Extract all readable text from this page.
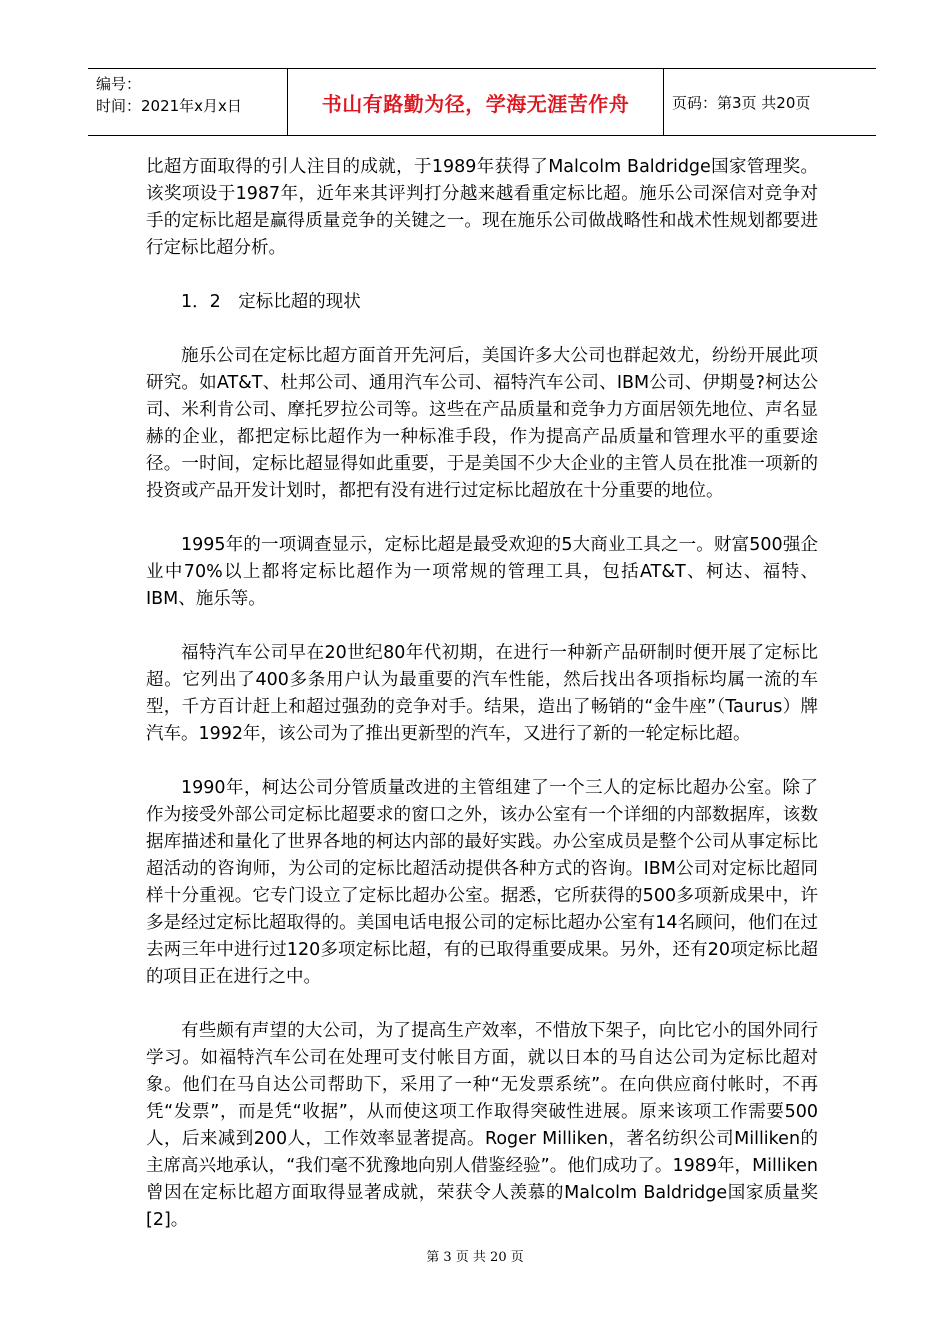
编号：
时间：2021年x月x日	书山有路勤为径，学海无涯苦作舟	页码：第3页 共20页

比超方面取得的引人注目的成就，于1989年获得了Malcolm Baldridge国家管理奖。该奖项设于1987年，近年来其评判打分越来越看重定标比超。施乐公司深信对竞争对手的定标比超是赢得质量竞争的关键之一。现在施乐公司做战略性和战术性规划都要进行定标比超分析。

1．2　定标比超的现状

施乐公司在定标比超方面首开先河后，美国许多大公司也群起效尤，纷纷开展此项研究。如AT&T、杜邦公司、通用汽车公司、福特汽车公司、IBM公司、伊期曼?柯达公司、米利肯公司、摩托罗拉公司等。这些在产品质量和竞争力方面居领先地位、声名显赫的企业，都把定标比超作为一种标准手段，作为提高产品质量和管理水平的重要途径。一时间，定标比超显得如此重要，于是美国不少大企业的主管人员在批准一项新的投资或产品开发计划时，都把有没有进行过定标比超放在十分重要的地位。

1995年的一项调查显示，定标比超是最受欢迎的5大商业工具之一。财富500强企业中70%以上都将定标比超作为一项常规的管理工具，包括AT&T、柯达、福特、IBM、施乐等。

福特汽车公司早在20世纪80年代初期，在进行一种新产品研制时便开展了定标比超。它列出了400多条用户认为最重要的汽车性能，然后找出各项指标均属一流的车型，千方百计赶上和超过强劲的竞争对手。结果，造出了畅销的“金牛座”（Taurus）牌汽车。1992年，该公司为了推出更新型的汽车，又进行了新的一轮定标比超。

1990年，柯达公司分管质量改进的主管组建了一个三人的定标比超办公室。除了作为接受外部公司定标比超要求的窗口之外，该办公室有一个详细的内部数据库，该数据库描述和量化了世界各地的柯达内部的最好实践。办公室成员是整个公司从事定标比超活动的咨询师，为公司的定标比超活动提供各种方式的咨询。IBM公司对定标比超同样十分重视。它专门设立了定标比超办公室。据悉，它所获得的500多项新成果中，许多是经过定标比超取得的。美国电话电报公司的定标比超办公室有14名顾问，他们在过去两三年中进行过120多项定标比超，有的已取得重要成果。另外，还有20项定标比超的项目正在进行之中。

有些颇有声望的大公司，为了提高生产效率，不惜放下架子，向比它小的国外同行学习。如福特汽车公司在处理可支付帐目方面，就以日本的马自达公司为定标比超对象。他们在马自达公司帮助下，采用了一种“无发票系统”。在向供应商付帐时，不再凭“发票”，而是凭“收据”，从而使这项工作取得突破性进展。原来该项工作需要500人，后来减到200人，工作效率显著提高。Roger Milliken，著名纺织公司Milliken的主席高兴地承认，“我们毫不犹豫地向别人借鉴经验”。他们成功了。1989年，Milliken曾因在定标比超方面取得显著成就，荣获令人羡慕的Malcolm Baldridge国家质量奖[2]。

第 3 页 共 20 页
